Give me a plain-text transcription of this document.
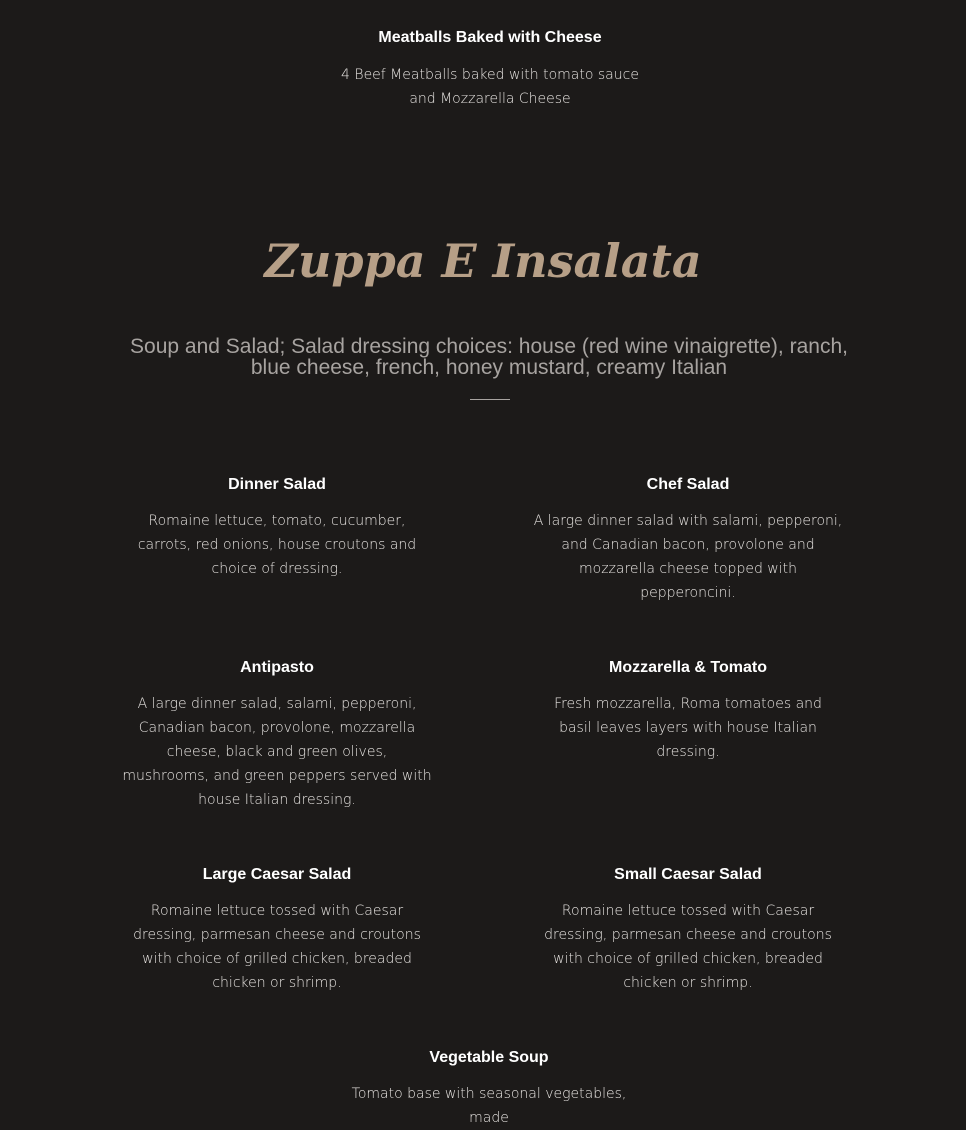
Meatballs Baked with Cheese

4 Beef Meatballs baked with tomato sauce and Mozzarella Cheese

Zuppa E Insalata

Soup and Salad; Salad dressing choices: house (red wine vinaigrette), ranch, blue cheese, french, honey mustard, creamy Italian

Dinner Salad

Romaine lettuce, tomato, cucumber, carrots, red onions, house croutons and choice of dressing.

Chef Salad

A large dinner salad with salami, pepperoni, and Canadian bacon, provolone and mozzarella cheese topped with pepperoncini.

Antipasto

A large dinner salad, salami, pepperoni, Canadian bacon, provolone, mozzarella cheese, black and green olives, mushrooms, and green peppers served with house Italian dressing.

Mozzarella & Tomato

Fresh mozzarella, Roma tomatoes and basil leaves layers with house Italian dressing.

Large Caesar Salad

Romaine lettuce tossed with Caesar dressing, parmesan cheese and croutons with choice of grilled chicken, breaded chicken or shrimp.

Small Caesar Salad

Romaine lettuce tossed with Caesar dressing, parmesan cheese and croutons with choice of grilled chicken, breaded chicken or shrimp.

Vegetable Soup

Tomato base with seasonal vegetables, made
